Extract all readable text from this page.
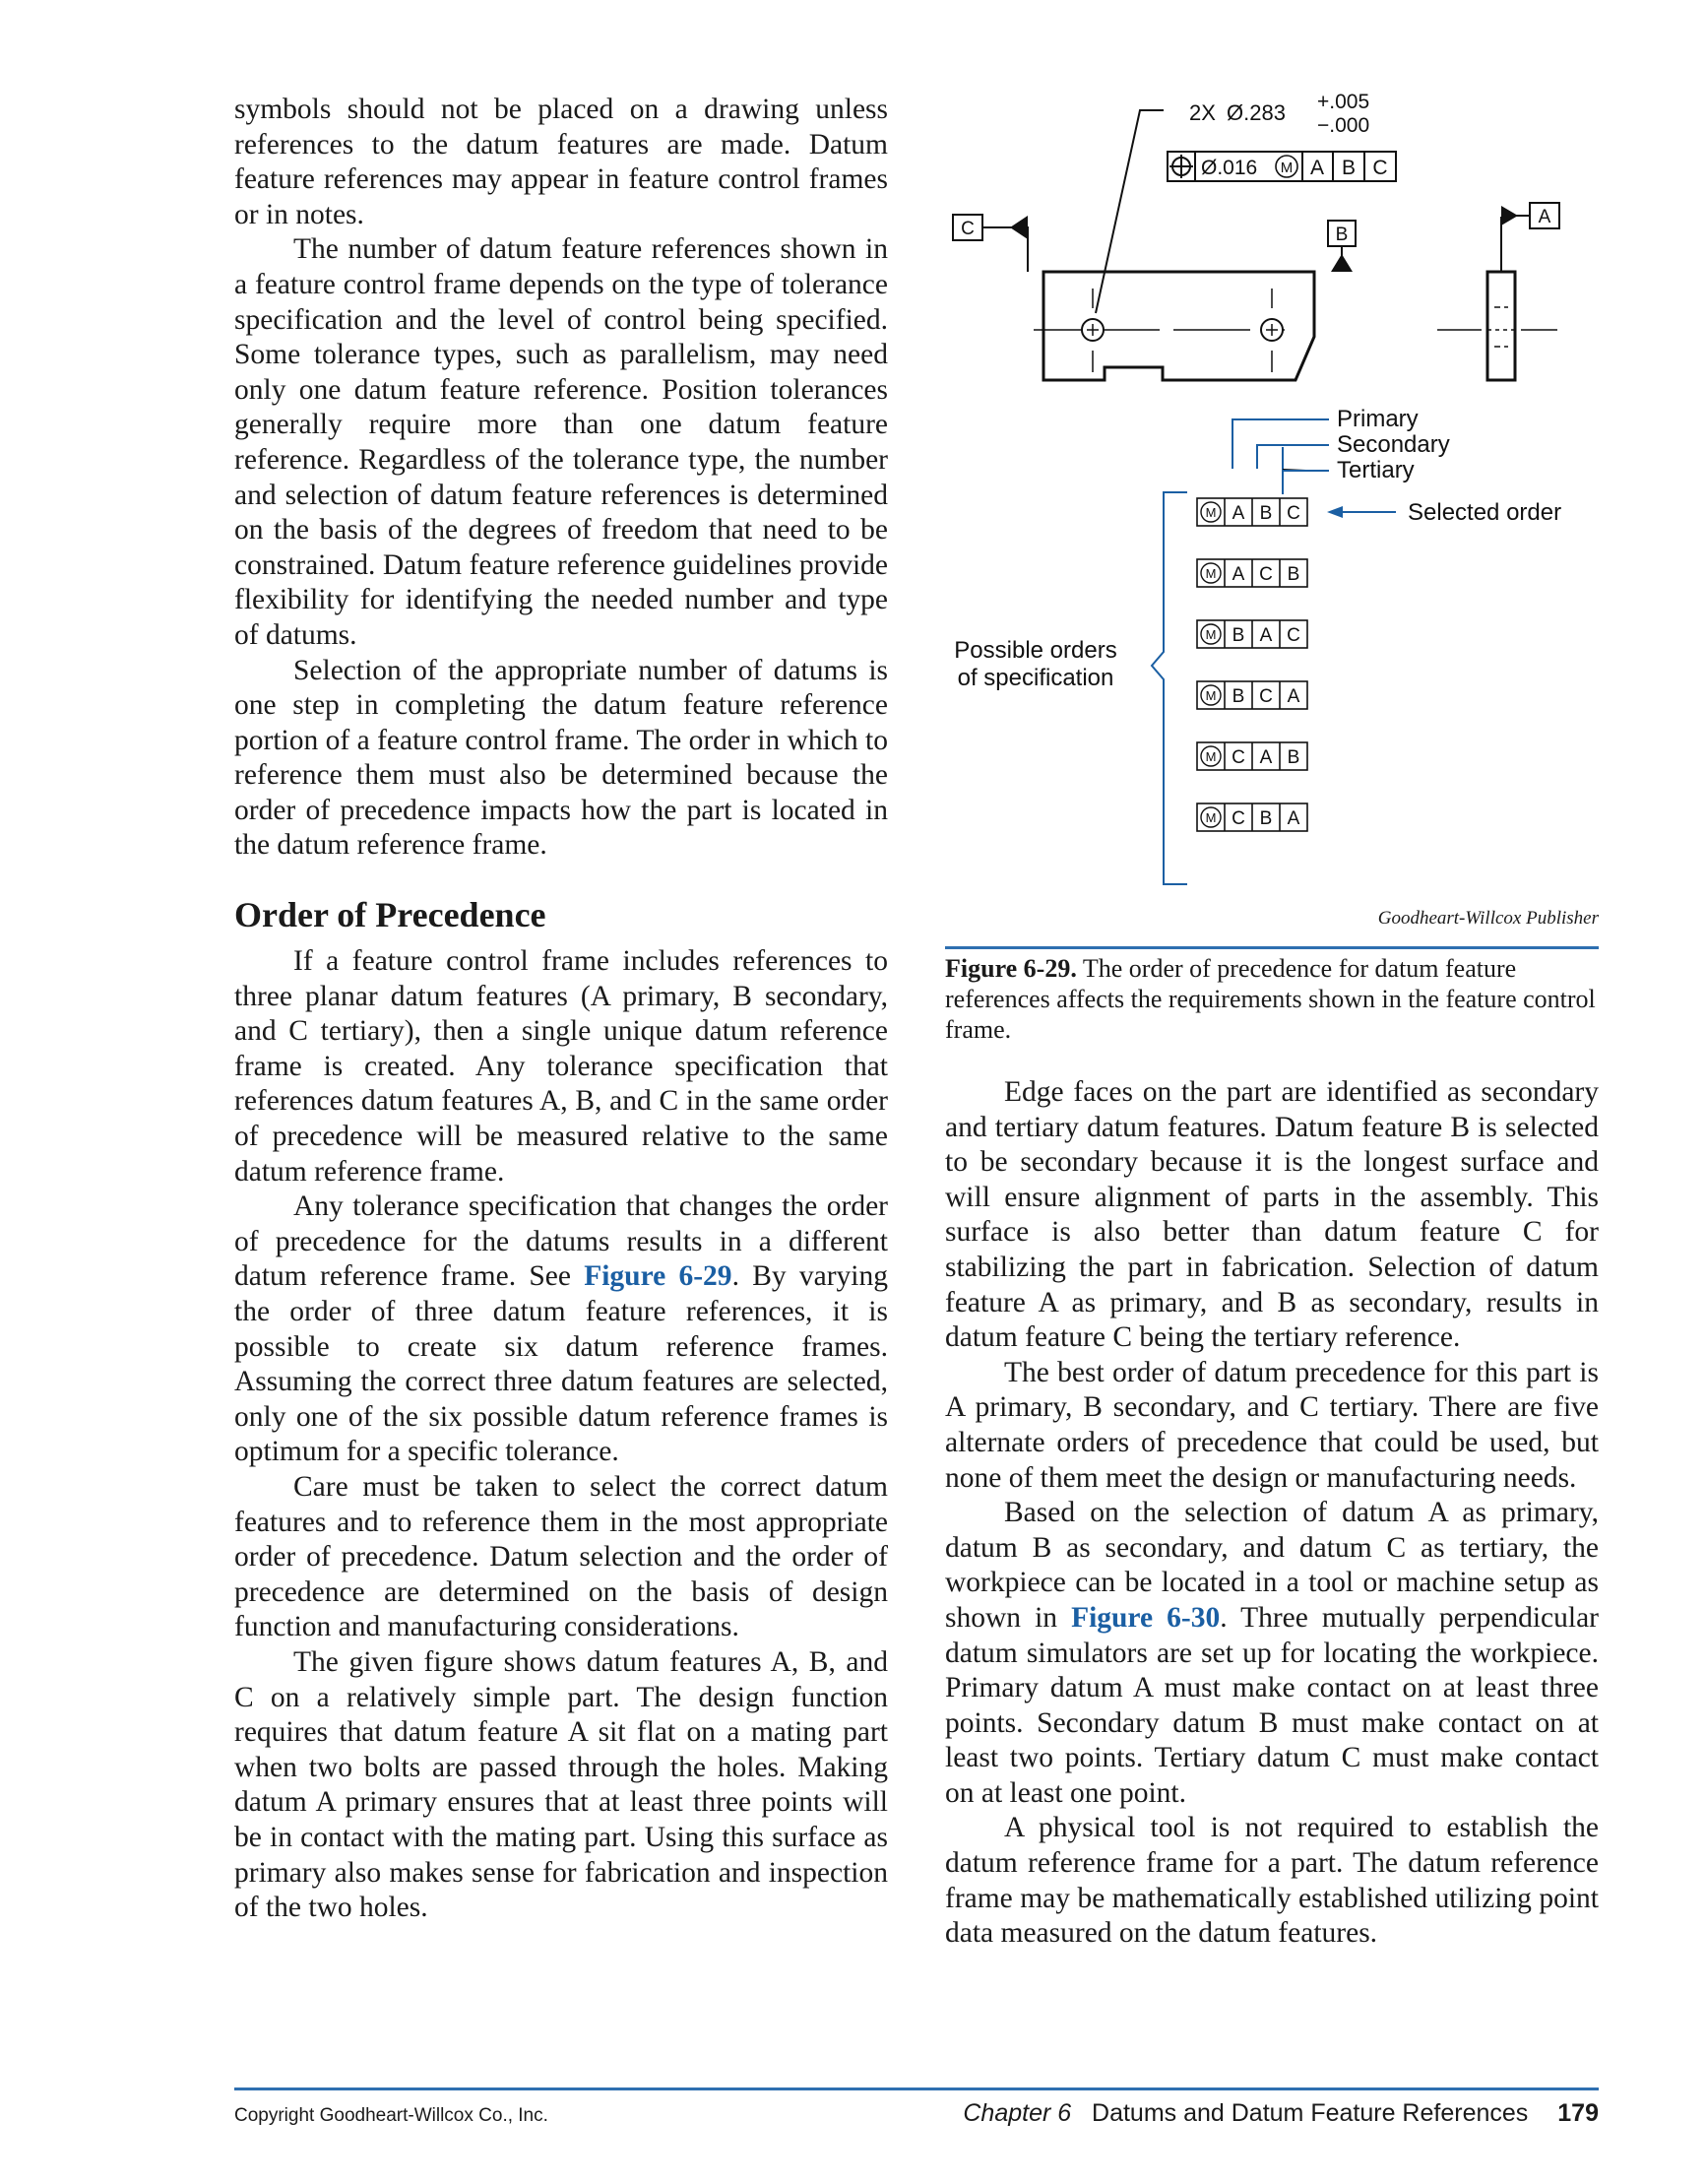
symbols should not be placed on a drawing unless references to the datum features are made. Datum feature references may appear in feature control frames or in notes.

The number of datum feature references shown in a feature control frame depends on the type of tolerance specification and the level of control being specified. Some tolerance types, such as parallelism, may need only one datum feature reference. Position tolerances generally require more than one datum feature reference. Regardless of the tolerance type, the number and selection of datum feature references is determined on the basis of the degrees of freedom that need to be constrained. Datum feature reference guidelines provide flexibility for identifying the needed number and type of datums.

Selection of the appropriate number of datums is one step in completing the datum feature reference portion of a feature control frame. The order in which to reference them must also be determined because the order of precedence impacts how the part is located in the datum reference frame.

Order of Precedence

If a feature control frame includes references to three planar datum features (A primary, B secondary, and C tertiary), then a single unique datum reference frame is created. Any tolerance specification that references datum features A, B, and C in the same order of precedence will be measured relative to the same datum reference frame.

Any tolerance specification that changes the order of precedence for the datums results in a different datum reference frame. See Figure 6-29. By varying the order of three datum feature references, it is possible to create six datum reference frames. Assuming the correct three datum features are selected, only one of the six possible datum reference frames is optimum for a specific tolerance.

Care must be taken to select the correct datum features and to reference them in the most appropriate order of precedence. Datum selection and the order of precedence are determined on the basis of design function and manufacturing considerations.

The given figure shows datum features A, B, and C on a relatively simple part. The design function requires that datum feature A sit flat on a mating part when two bolts are passed through the holes. Making datum A primary ensures that at least three points will be in contact with the mating part. Using this surface as primary also makes sense for fabrication and inspection of the two holes.

2X Ø.283 +.005
−.000
Ø.016 M A B C
C	B
A
Primary
Secondary
Tertiary
Selected order
Possible orders
of specification
M A B C
M A C B
M B A C
M B C A
M C A B
M C B A
Goodheart-Willcox Publisher
Figure 6-29. The order of precedence for datum feature references affects the requirements shown in the feature control frame.

Edge faces on the part are identified as secondary and tertiary datum features. Datum feature B is selected to be secondary because it is the longest surface and will ensure alignment of parts in the assembly. This surface is also better than datum feature C for stabilizing the part in fabrication. Selection of datum feature A as primary, and B as secondary, results in datum feature C being the tertiary reference.

The best order of datum precedence for this part is A primary, B secondary, and C tertiary. There are five alternate orders of precedence that could be used, but none of them meet the design or manufacturing needs.

Based on the selection of datum A as primary, datum B as secondary, and datum C as tertiary, the workpiece can be located in a tool or machine setup as shown in Figure 6-30. Three mutually perpendicular datum simulators are set up for locating the workpiece. Primary datum A must make contact on at least three points. Secondary datum B must make contact on at least two points. Tertiary datum C must make contact on at least one point.

A physical tool is not required to establish the datum reference frame for a part. The datum reference frame may be mathematically established utilizing point data measured on the datum features.

Copyright Goodheart-Willcox Co., Inc.	Chapter 6 Datums and Datum Feature References 179
